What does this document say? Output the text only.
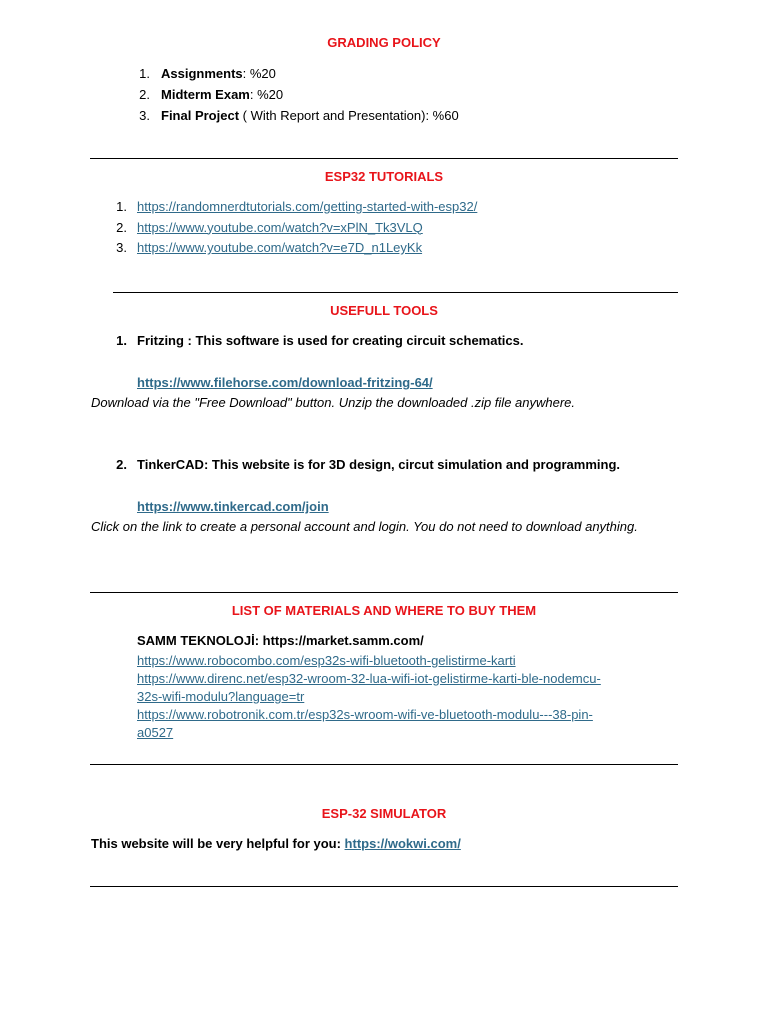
GRADING POLICY
1. Assignments: %20
2. Midterm Exam: %20
3. Final Project ( With Report and Presentation): %60
ESP32 TUTORIALS
1. https://randomnerdtutorials.com/getting-started-with-esp32/
2. https://www.youtube.com/watch?v=xPlN_Tk3VLQ
3. https://www.youtube.com/watch?v=e7D_n1LeyKk
USEFULL TOOLS
1. Fritzing : This software is used for creating circuit schematics.
https://www.filehorse.com/download-fritzing-64/
Download via the "Free Download" button. Unzip the downloaded .zip file anywhere.
2. TinkerCAD: This website is for 3D design, circut simulation and programming.
https://www.tinkercad.com/join
Click on the link to create a personal account and login. You do not need to download anything.
LIST OF MATERIALS AND WHERE TO BUY THEM
SAMM TEKNOLOJİ: https://market.samm.com/
https://www.robocombo.com/esp32s-wifi-bluetooth-gelistirme-karti
https://www.direnc.net/esp32-wroom-32-lua-wifi-iot-gelistirme-karti-ble-nodemcu-
32s-wifi-modulu?language=tr
https://www.robotronik.com.tr/esp32s-wroom-wifi-ve-bluetooth-modulu---38-pin-
a0527
ESP-32 SIMULATOR
This website will be very helpful for you: https://wokwi.com/
